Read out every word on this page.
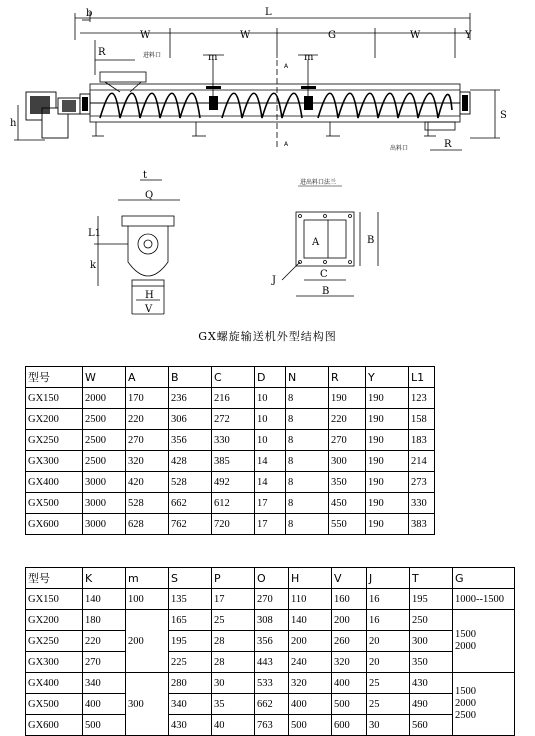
b	L
W	W	G	W	Y
R	进料口	m	m
A
A
h
S
R
出料口
t
Q
L1
k
H
V
进出料口法兰
A	B
C
B
J
GX螺旋输送机外型结构图
型号	W	A	B	C	D	N	R	Y	L1
GX150	2000	170	236	216	10	8	190	190	123
GX200	2500	220	306	272	10	8	220	190	158
GX250	2500	270	356	330	10	8	270	190	183
GX300	2500	320	428	385	14	8	300	190	214
GX400	3000	420	528	492	14	8	350	190	273
GX500	3000	528	662	612	17	8	450	190	330
GX600	3000	628	762	720	17	8	550	190	383
型号	K	m	S	P	O	H	V	J	T	G
GX150	140	100	135	17	270	110	160	16	195	1000--1500
GX200	180	200	165	25	308	140	200	16	250	1500
2000
GX250	220		195	28	356	200	260	20	300	
GX300	270		225	28	443	240	320	20	350	
GX400	340	300	280	30	533	320	400	25	430	1500
2000
2500
GX500	400		340	35	662	400	500	25	490	
GX600	500		430	40	763	500	600	30	560	
